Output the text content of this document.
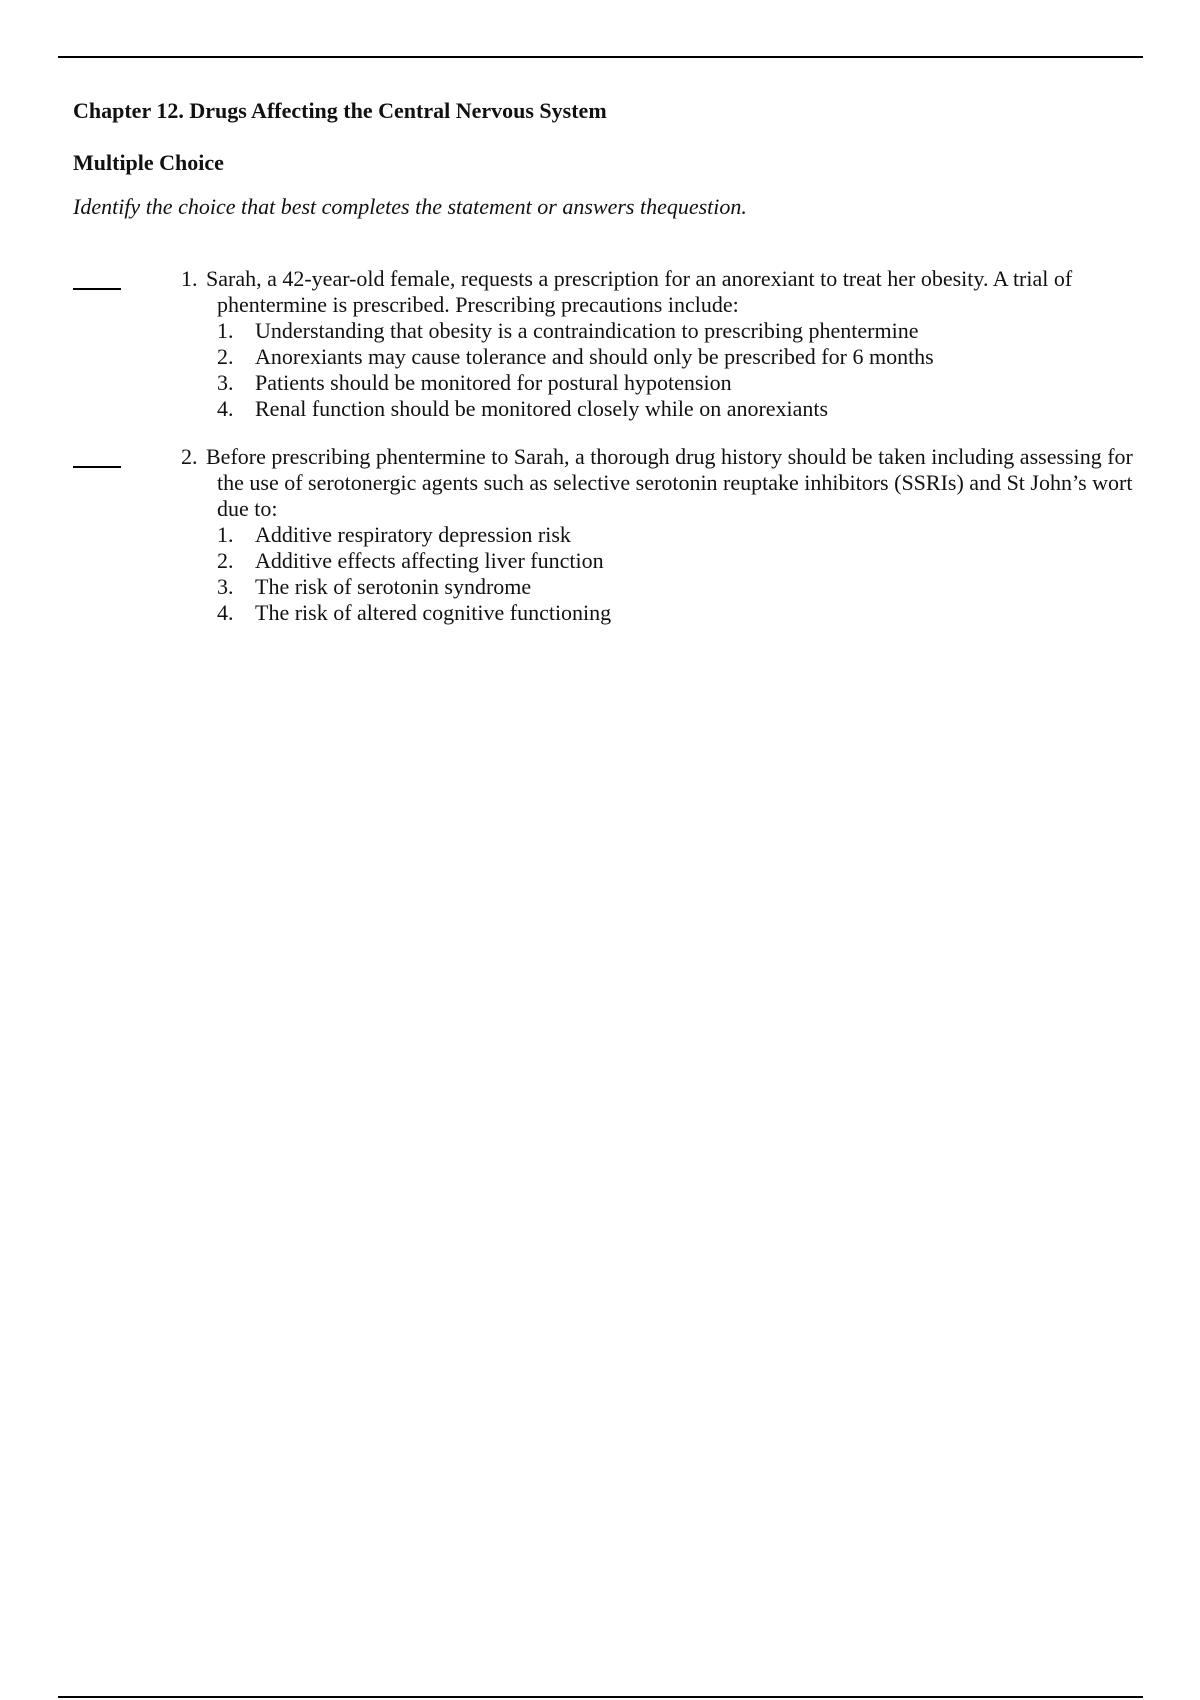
Chapter 12. Drugs Affecting the Central Nervous System
Multiple Choice

Identify the choice that best completes the statement or answers thequestion.

1. Sarah, a 42-year-old female, requests a prescription for an anorexiant to treat her obesity. A trial of phentermine is prescribed. Prescribing precautions include:
1. Understanding that obesity is a contraindication to prescribing phentermine
2. Anorexiants may cause tolerance and should only be prescribed for 6 months
3. Patients should be monitored for postural hypotension
4. Renal function should be monitored closely while on anorexiants
2. Before prescribing phentermine to Sarah, a thorough drug history should be taken including assessing for the use of serotonergic agents such as selective serotonin reuptake inhibitors (SSRIs) and St John’s wort due to:
1. Additive respiratory depression risk
2. Additive effects affecting liver function
3. The risk of serotonin syndrome
4. The risk of altered cognitive functioning
